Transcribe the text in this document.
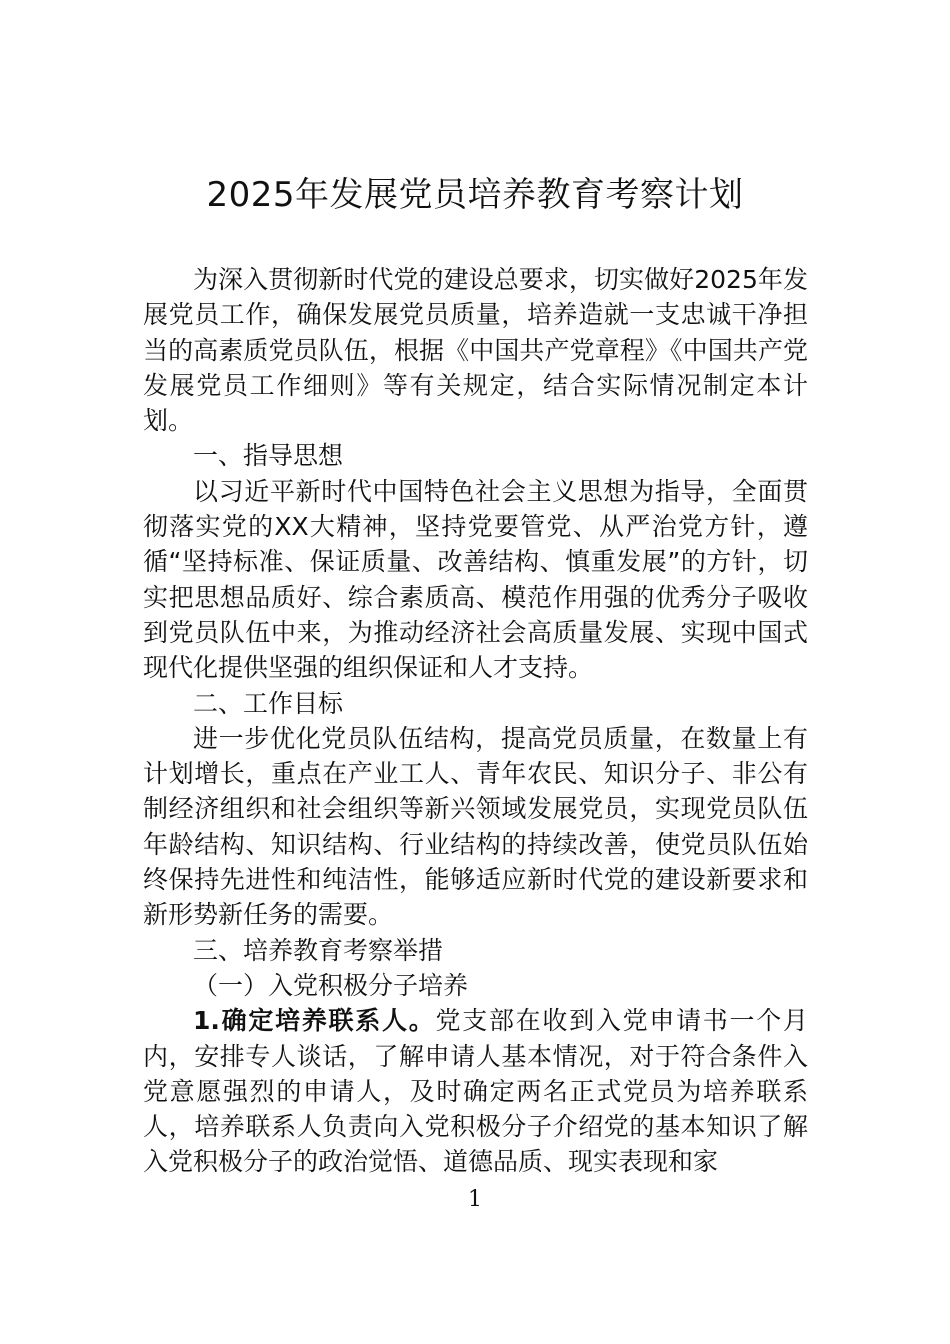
2025年发展党员培养教育考察计划

为深入贯彻新时代党的建设总要求，切实做好2025年发展党员工作，确保发展党员质量，培养造就一支忠诚干净担当的高素质党员队伍，根据《中国共产党章程》《中国共产党发展党员工作细则》等有关规定，结合实际情况制定本计划。

一、指导思想

以习近平新时代中国特色社会主义思想为指导，全面贯彻落实党的XX大精神，坚持党要管党、从严治党方针，遵循“坚持标准、保证质量、改善结构、慎重发展”的方针，切实把思想品质好、综合素质高、模范作用强的优秀分子吸收到党员队伍中来，为推动经济社会高质量发展、实现中国式现代化提供坚强的组织保证和人才支持。

二、工作目标

进一步优化党员队伍结构，提高党员质量，在数量上有计划增长，重点在产业工人、青年农民、知识分子、非公有制经济组织和社会组织等新兴领域发展党员，实现党员队伍年龄结构、知识结构、行业结构的持续改善，使党员队伍始终保持先进性和纯洁性，能够适应新时代党的建设新要求和新形势新任务的需要。

三、培养教育考察举措

（一）入党积极分子培养

1.确定培养联系人。党支部在收到入党申请书一个月内，安排专人谈话，了解申请人基本情况，对于符合条件入党意愿强烈的申请人，及时确定两名正式党员为培养联系人，培养联系人负责向入党积极分子介绍党的基本知识了解入党积极分子的政治觉悟、道德品质、现实表现和家

1
